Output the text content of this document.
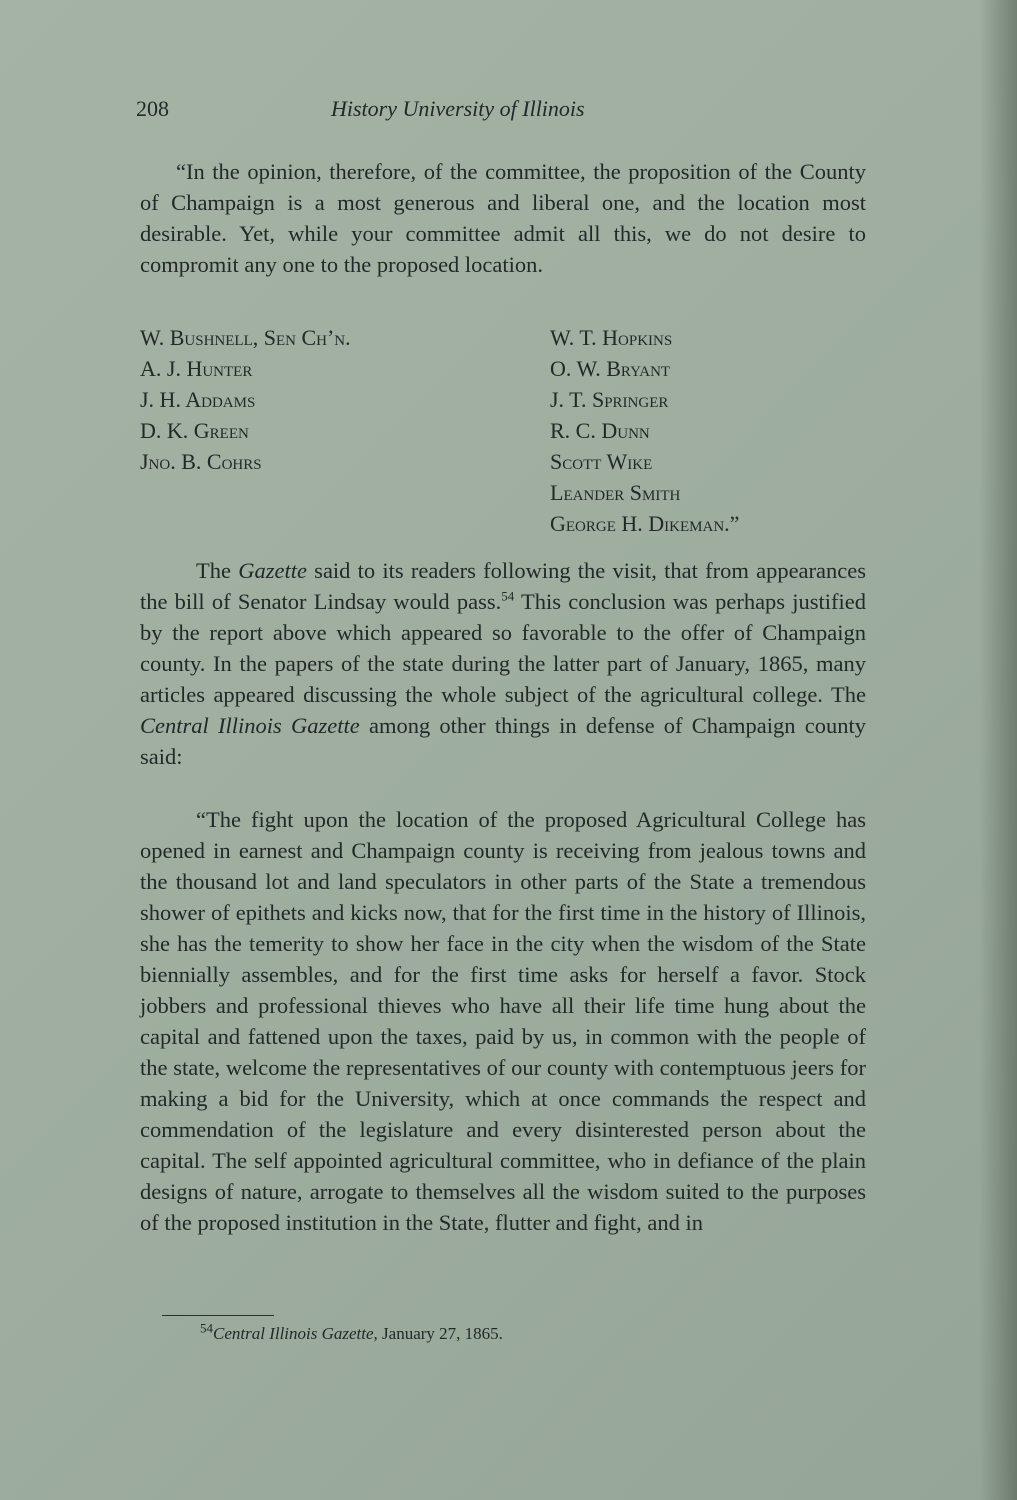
208	History University of Illinois

“In the opinion, therefore, of the committee, the proposition of the County of Champaign is a most generous and liberal one, and the location most desirable. Yet, while your committee admit all this, we do not desire to compromit any one to the proposed location.

W. Bushnell, Sen Ch’n.
A. J. Hunter
J. H. Addams
D. K. Green
Jno. B. Cohrs
W. T. Hopkins
O. W. Bryant
J. T. Springer
R. C. Dunn
Scott Wike
Leander Smith
George H. Dikeman.”

The Gazette said to its readers following the visit, that from appearances the bill of Senator Lindsay would pass.$^{54}$ This conclusion was perhaps justified by the report above which appeared so favorable to the offer of Champaign county. In the papers of the state during the latter part of January, 1865, many articles appeared discussing the whole subject of the agricultural college. The Central Illinois Gazette among other things in defense of Champaign county said:

“The fight upon the location of the proposed Agricultural College has opened in earnest and Champaign county is receiving from jealous towns and the thousand lot and land speculators in other parts of the State a tremendous shower of epithets and kicks now, that for the first time in the history of Illinois, she has the temerity to show her face in the city when the wisdom of the State biennially assembles, and for the first time asks for herself a favor. Stock jobbers and professional thieves who have all their life time hung about the capital and fattened upon the taxes, paid by us, in common with the people of the state, welcome the representatives of our county with contemptuous jeers for making a bid for the University, which at once commands the respect and commendation of the legislature and every disinterested person about the capital. The self appointed agricultural committee, who in defiance of the plain designs of nature, arrogate to themselves all the wisdom suited to the purposes of the proposed institution in the State, flutter and fight, and in

$^{54}$Central Illinois Gazette, January 27, 1865.
